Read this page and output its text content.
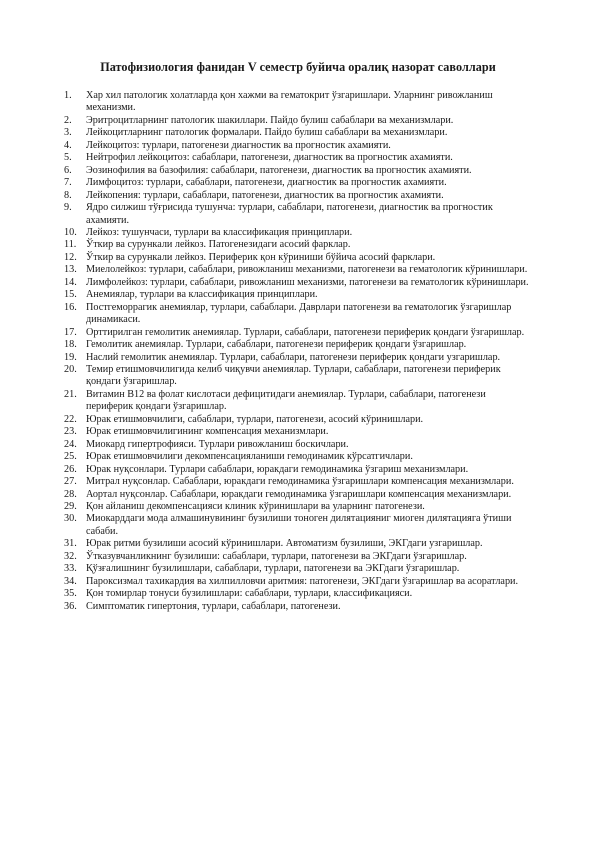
Патофизиология фанидан V семестр буйича оралиқ назорат саволлари
1. Хар хил патологик холатларда қон хажми ва гематокрит ўзгаришлари. Уларнинг ривожланиш механизми.
2. Эритроцитларнинг патологик шакиллари. Пайдо булиш сабаблари ва механизмлари.
3. Лейкоцитларнинг патологик формалари. Пайдо булиш сабаблари ва механизмлари.
4. Лейкоцитоз: турлари, патогенези диагностик ва прогностик ахамияти.
5. Нейтрофил лейкоцитоз: сабаблари, патогенези, диагностик ва прогностик ахамияти.
6. Эозинофилия ва базофилия: сабаблари, патогенези, диагностик ва прогностик ахамияти.
7. Лимфоцитоз: турлари, сабаблари, патогенези, диагностик ва прогностик ахамияти.
8. Лейкопения: турлари, сабаблари, патогенези, диагностик ва прогностик ахамияти.
9. Ядро силжиш тўғрисида тушунча: турлари, сабаблари, патогенези, диагностик ва прогностик ахамияти.
10. Лейкоз: тушунчаси, турлари ва классификация принциплари.
11. Ўткир ва сурункали лейкоз. Патогенезидаги асосий фарклар.
12. Ўткир ва сурункали лейкоз. Периферик қон кўриниши бўйича асосий фарклари.
13. Миелолейкоз: турлари, сабаблари, ривожланиш механизми, патогенези ва гематологик кўринишлари.
14. Лимфолейкоз: турлари, сабаблари, ривожланиш механизми, патогенези ва гематологик кўринишлари.
15. Анемиялар, турлари ва классификация принциплари.
16. Постгеморрагик анемиялар, турлари, сабаблари. Даврлари патогенези ва гематологик ўзгаришлар динамикаси.
17. Орттирилган гемолитик анемиялар. Турлари, сабаблари, патогенези периферик қондаги ўзгаришлар.
18. Гемолитик анемиялар. Турлари, сабаблари, патогенези периферик қондаги ўзгаришлар.
19. Наслий гемолитик анемиялар. Турлари, сабаблари, патогенези периферик қондаги узгаришлар.
20. Темир етишмовчилигида келиб чиқувчи анемиялар. Турлари, сабаблари, патогенези периферик қондаги ўзгаришлар.
21. Витамин В12 ва фолат кислотаси дефицитидаги анемиялар. Турлари, сабаблари, патогенези периферик қондаги ўзгаришлар.
22. Юрак етишмовчилиги, сабаблари, турлари, патогенези, асосий кўринишлари.
23. Юрак етишмовчилигининг компенсация механизмлари.
24. Миокард гипертрофияси. Турлари ривожланиш боскичлари.
25. Юрак етишмовчилиги декомпенсацияланиши гемодинамик кўрсатгичлари.
26. Юрак нуқсонлари. Турлари сабаблари, юракдаги гемодинамика ўзгариш механизмлари.
27. Митрал нуқсонлар. Сабаблари, юракдаги гемодинамика ўзгаришлари компенсация механизмлари.
28. Аортал нуқсонлар. Сабаблари, юракдаги гемодинамика ўзгаришлари компенсация механизмлари.
29. Қон айланиш декомпенсацияси клиник кўринишлари ва уларнинг патогенези.
30. Миокарддаги мода алмашинувининг бузилиши тоноген дилятацияниг миоген дилятацияга ўтиши сабаби.
31. Юрак ритми бузилиши асосий кўринишлари. Автоматизм бузилиши, ЭКГдаги узгаришлар.
32. Ўтказувчанликнинг бузилиши: сабаблари, турлари, патогенези ва ЭКГдаги ўзгаришлар.
33. Қўзғалишнинг бузилишлари, сабаблари, турлари, патогенези ва ЭКГдаги ўзгаришлар.
34. Пароксизмал тахикардия ва хилпилловчи аритмия: патогенези, ЭКГдаги ўзгаришлар ва асоратлари.
35. Қон томирлар тонуси бузилишлари: сабаблари, турлари, классификацияси.
36. Симптоматик гипертония, турлари, сабаблари, патогенези.
